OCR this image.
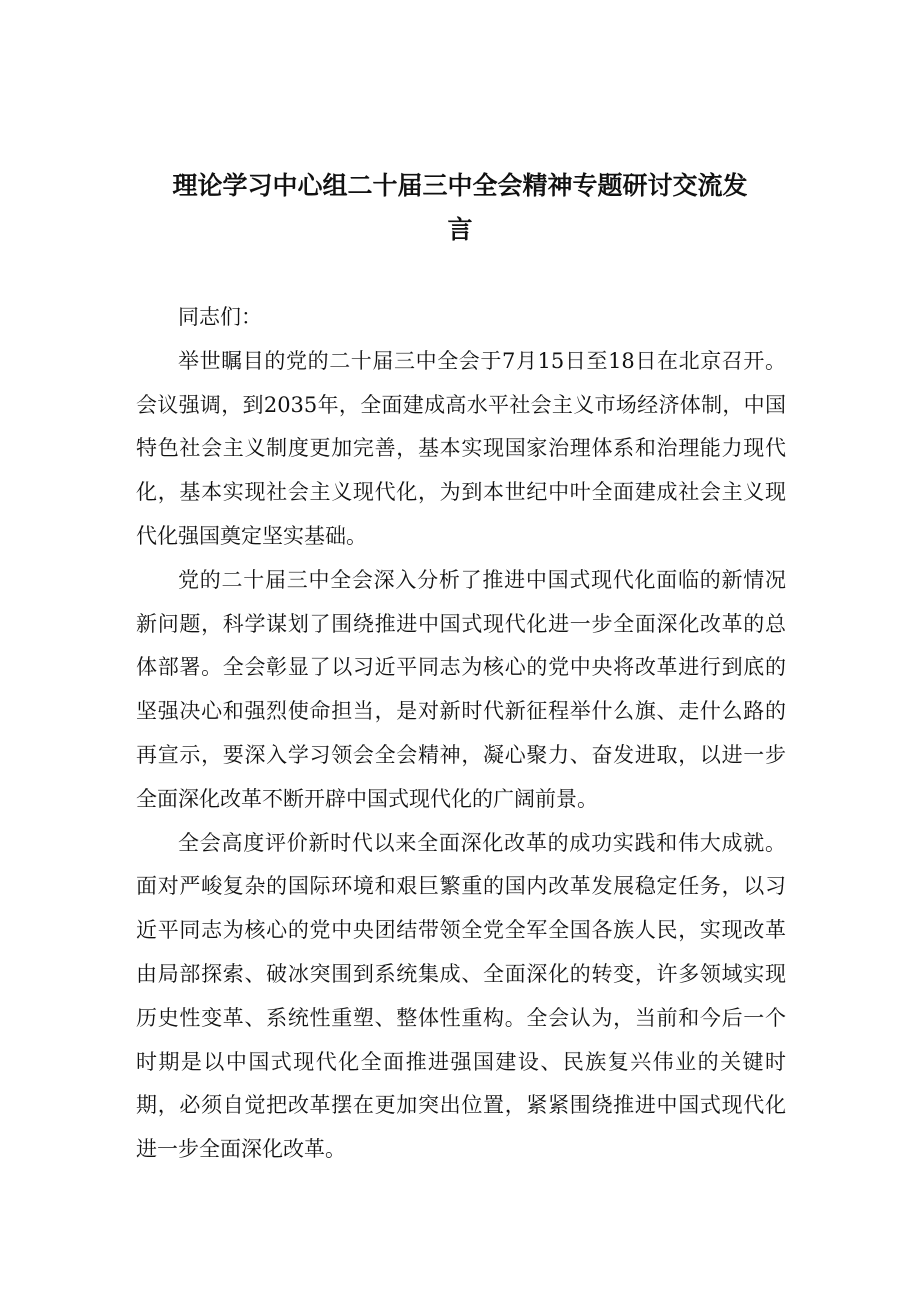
理论学习中心组二十届三中全会精神专题研讨交流发
言

同志们：

举世瞩目的党的二十届三中全会于7月15日至18日在北京召开。会议强调，到2035年，全面建成高水平社会主义市场经济体制，中国特色社会主义制度更加完善，基本实现国家治理体系和治理能力现代化，基本实现社会主义现代化，为到本世纪中叶全面建成社会主义现代化强国奠定坚实基础。

党的二十届三中全会深入分析了推进中国式现代化面临的新情况新问题，科学谋划了围绕推进中国式现代化进一步全面深化改革的总体部署。全会彰显了以习近平同志为核心的党中央将改革进行到底的坚强决心和强烈使命担当，是对新时代新征程举什么旗、走什么路的再宣示，要深入学习领会全会精神，凝心聚力、奋发进取，以进一步全面深化改革不断开辟中国式现代化的广阔前景。

全会高度评价新时代以来全面深化改革的成功实践和伟大成就。面对严峻复杂的国际环境和艰巨繁重的国内改革发展稳定任务，以习近平同志为核心的党中央团结带领全党全军全国各族人民，实现改革由局部探索、破冰突围到系统集成、全面深化的转变，许多领域实现历史性变革、系统性重塑、整体性重构。全会认为，当前和今后一个时期是以中国式现代化全面推进强国建设、民族复兴伟业的关键时期，必须自觉把改革摆在更加突出位置，紧紧围绕推进中国式现代化进一步全面深化改革。
